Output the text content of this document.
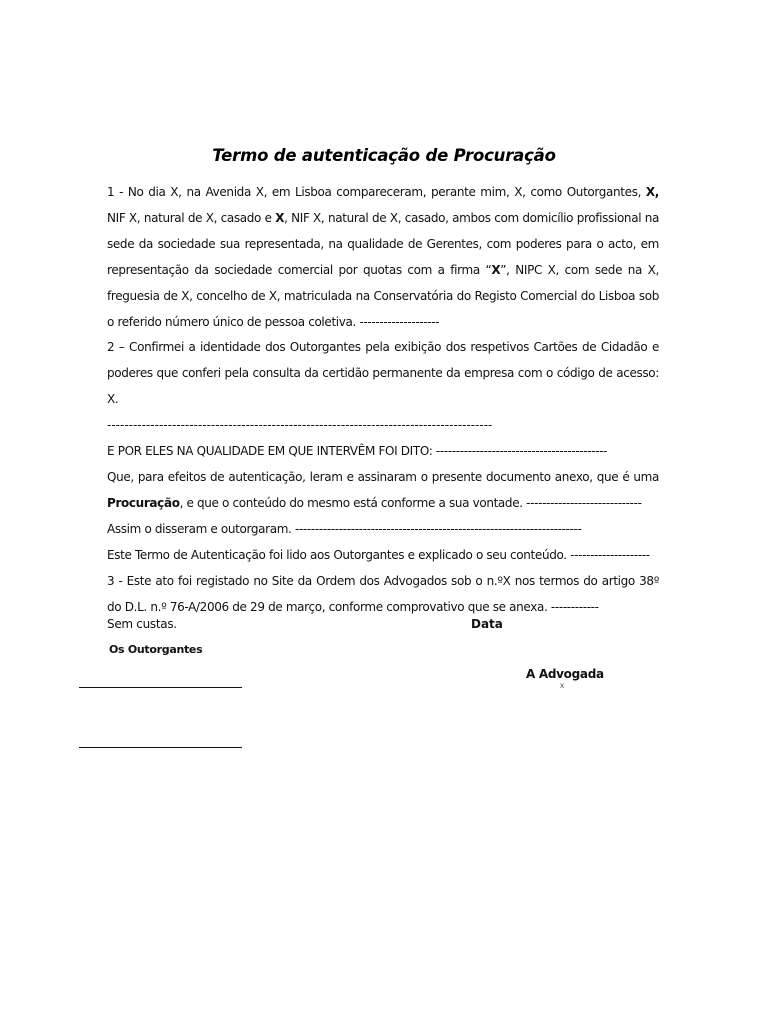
Termo de autenticação de Procuração

1 - No dia X, na Avenida X, em Lisboa compareceram, perante mim, X, como Outorgantes, X, NIF X, natural de X, casado e X, NIF X, natural de X, casado, ambos com domicílio profissional na sede da sociedade sua representada, na qualidade de Gerentes, com poderes para o acto, em representação da sociedade comercial por quotas com a firma “X”, NIPC X, com sede na X, freguesia de X, concelho de X, matriculada na Conservatória do Registo Comercial do Lisboa sob o referido número único de pessoa coletiva. --------------------

2 – Confirmei a identidade dos Outorgantes pela exibição dos respetivos Cartões de Cidadão e poderes que conferi pela consulta da certidão permanente da empresa com o código de acesso: X.
-----------------------------------------------------------------------------------------

E POR ELES NA QUALIDADE EM QUE INTERVÊM FOI DITO: -------------------------------------------

Que, para efeitos de autenticação, leram e assinaram o presente documento anexo, que é uma Procuração, e que o conteúdo do mesmo está conforme a sua vontade. -----------------------------

Assim o disseram e outorgaram. ------------------------------------------------------------------------

Este Termo de Autenticação foi lido aos Outorgantes e explicado o seu conteúdo. --------------------

3 - Este ato foi registado no Site da Ordem dos Advogados sob o n.ºX nos termos do artigo 38º do D.L. n.º 76-A/2006 de 29 de março, conforme comprovativo que se anexa. ------------

Sem custas.	Data
Os Outorgantes
A Advogada
X
